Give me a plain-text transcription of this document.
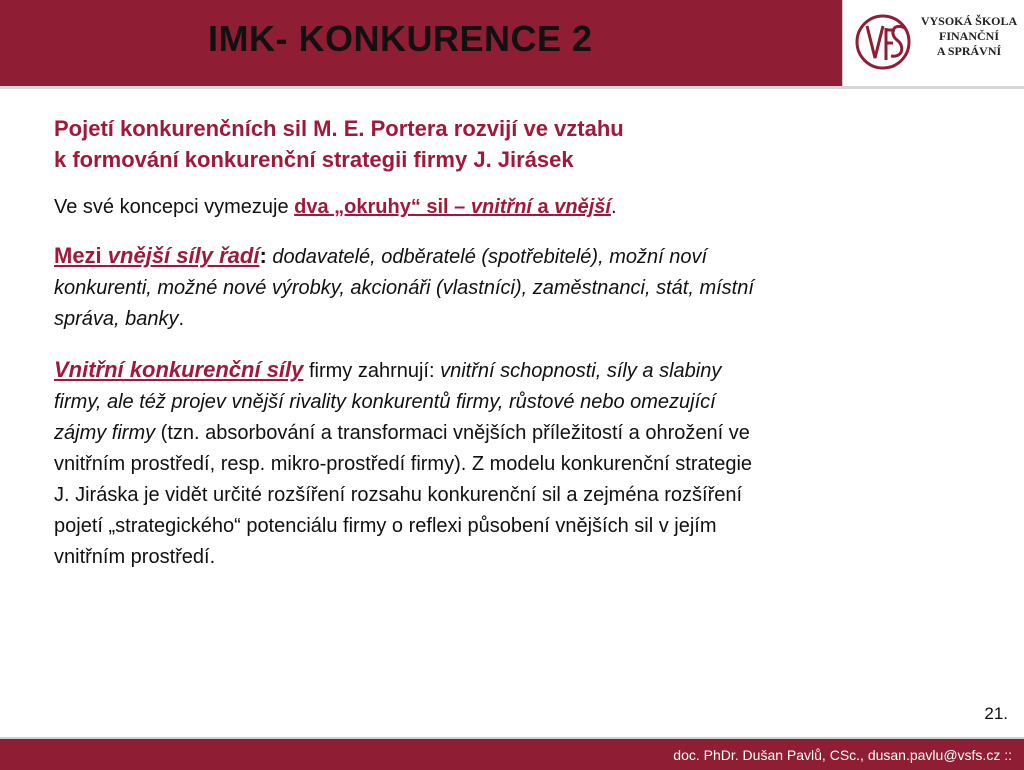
IMK- KONKURENCE 2	VYSOKÁ ŠKOLA
FINANČNÍ
A SPRÁVNÍ
Pojetí konkurenčních sil M. E. Portera rozvijí ve vztahu
k formování konkurenční strategii firmy J. Jirásek
Ve své koncepci vymezuje dva „okruhy“ sil – vnitřní a vnější.
Mezi vnější síly řadí: dodavatelé, odběratelé (spotřebitelé), možní noví
konkurenti, možné nové výrobky, akcionáři (vlastníci), zaměstnanci, stát, místní
správa, banky.
Vnitřní konkurenční síly firmy zahrnují: vnitřní schopnosti, síly a slabiny
firmy, ale též projev vnější rivality konkurentů firmy, růstové nebo omezující
zájmy firmy (tzn. absorbování a transformaci vnějších příležitostí a ohrožení ve
vnitřním prostředí, resp. mikro-prostředí firmy). Z modelu konkurenční strategie
J. Jiráska je vidět určité rozšíření rozsahu konkurenční sil a zejména rozšíření
pojetí „strategického“ potenciálu firmy o reflexi působení vnějších sil v jejím
vnitřním prostředí.
21.
doc. PhDr. Dušan Pavlů, CSc., dusan.pavlu@vsfs.cz ::
